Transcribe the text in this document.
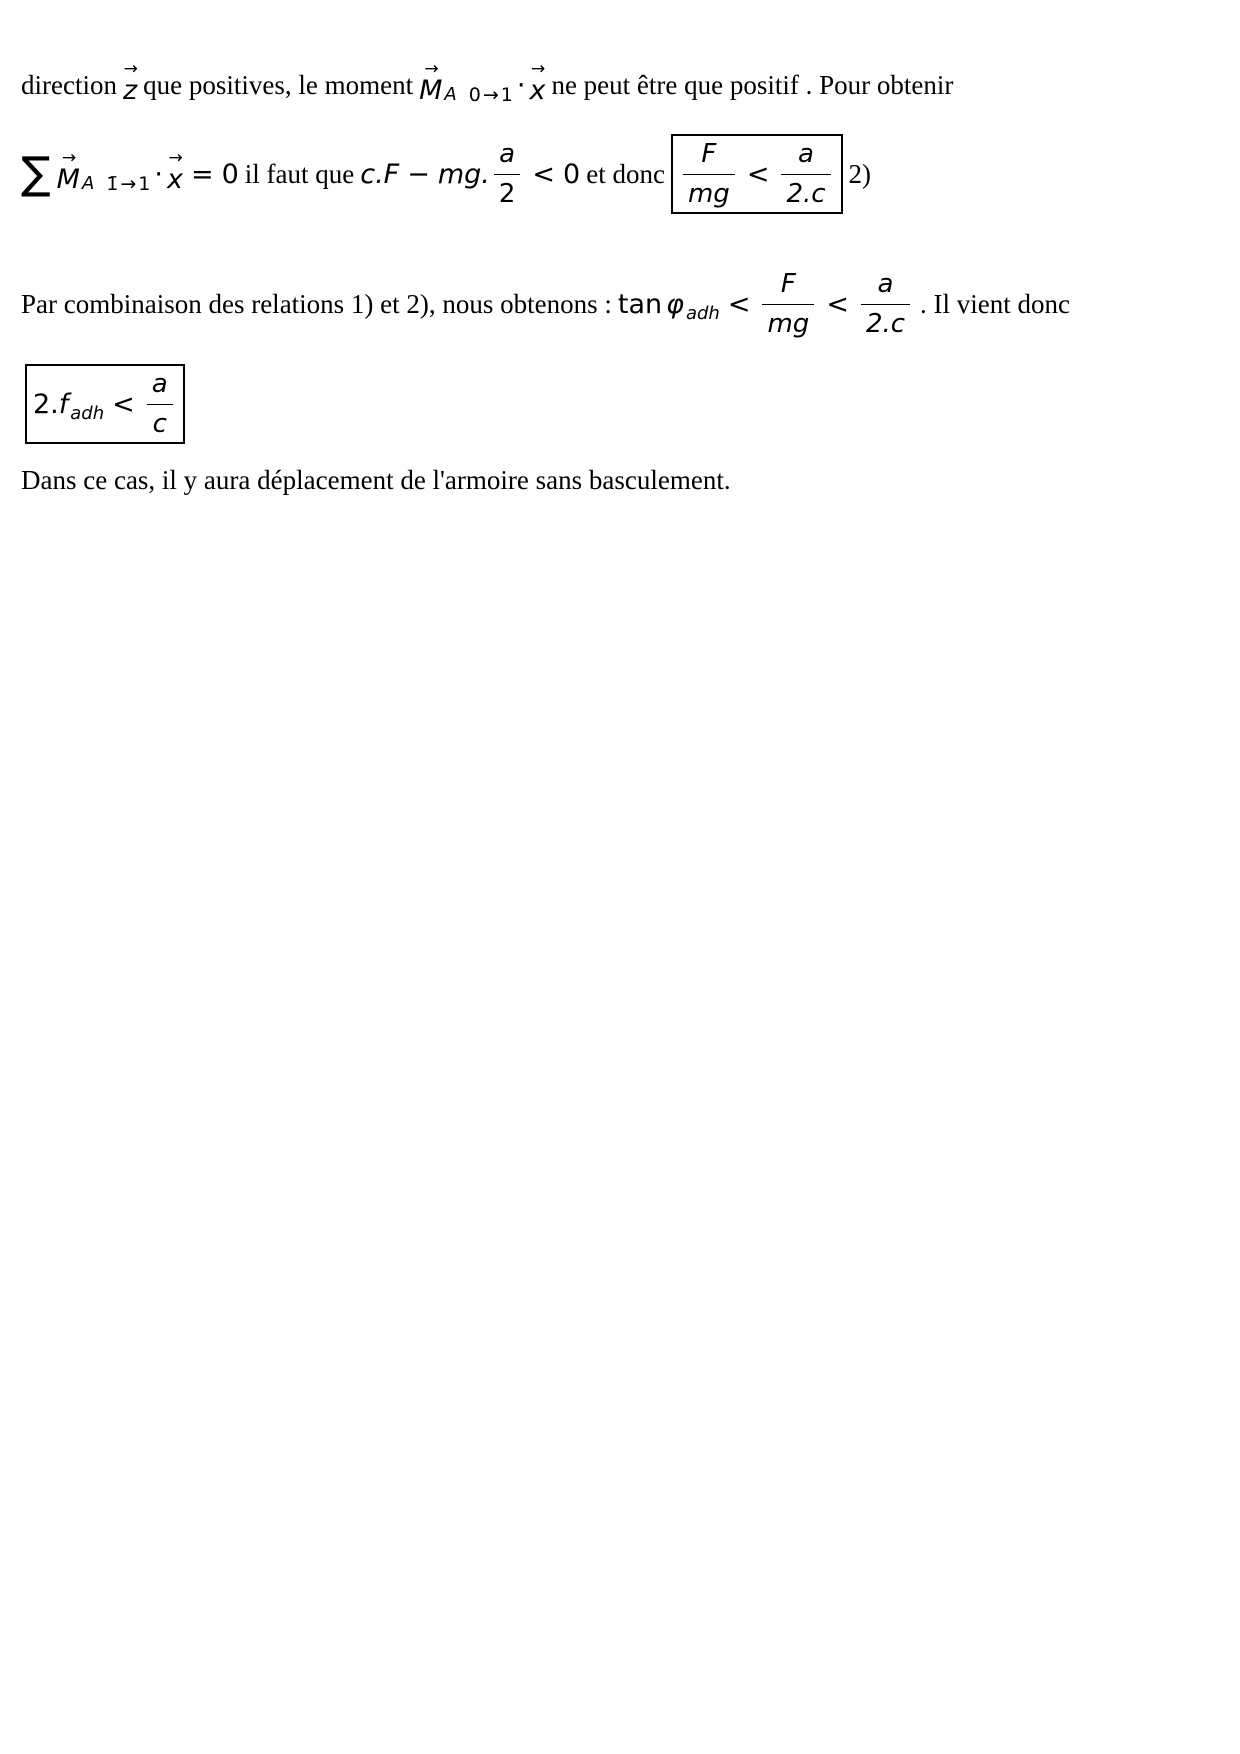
direction → z que positives, le moment → M A 0 → 1 · → x ne peut être que positif . Pour obtenir
∑ → M A 1̄ → 1 · → x = 0 il faut que c.F − mg. $\frac{a}{2} < 0$ et donc $\frac{F}{mg} < \frac{a}{2.c} 2$)
Par combinaison des relations 1) et 2), nous obtenons : tan φ adh < $\frac{F}{mg} < \frac{a}{2.c}$ . Il vient donc
2. f adh < $\frac{a}{c}$
Dans ce cas, il y aura déplacement de l'armoire sans basculement.
